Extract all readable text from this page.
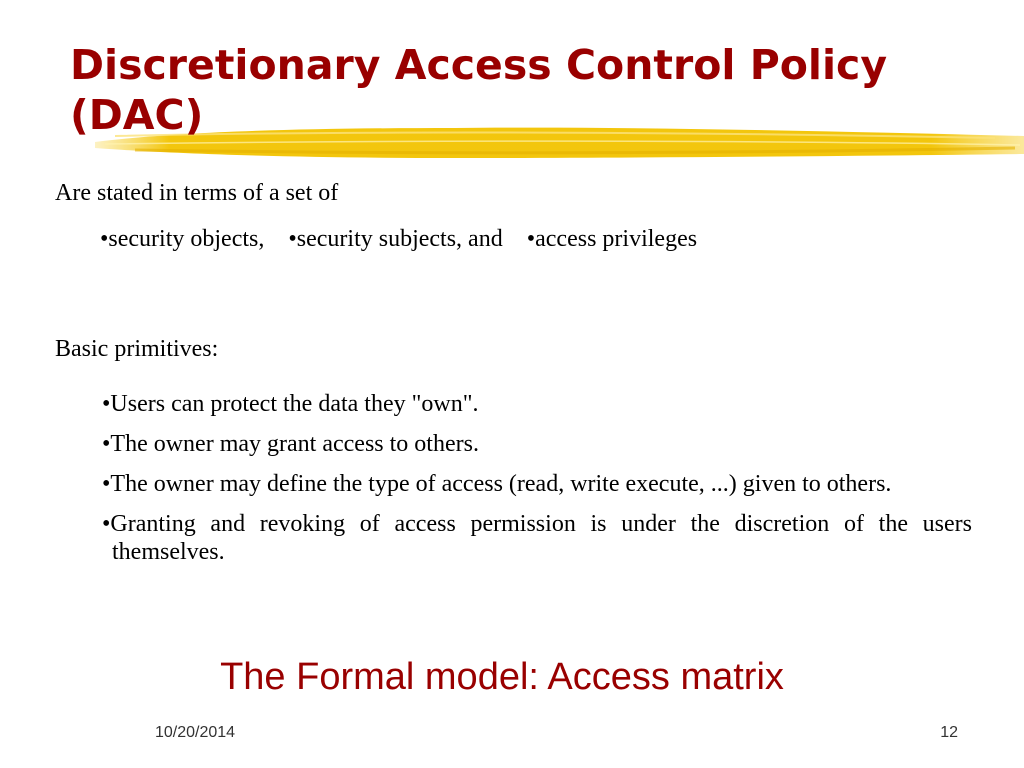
Discretionary Access Control Policy
(DAC)

Are stated in terms of a set of

•security objects, •security subjects, and •access privileges

Basic primitives:

•Users can protect the data they "own".
•The owner may grant access to others.
•The owner may define the type of access (read, write execute, ...) given to others.
•Granting and revoking of access permission is under the discretion of the users themselves.

The Formal model: Access matrix

10/20/2014	12
